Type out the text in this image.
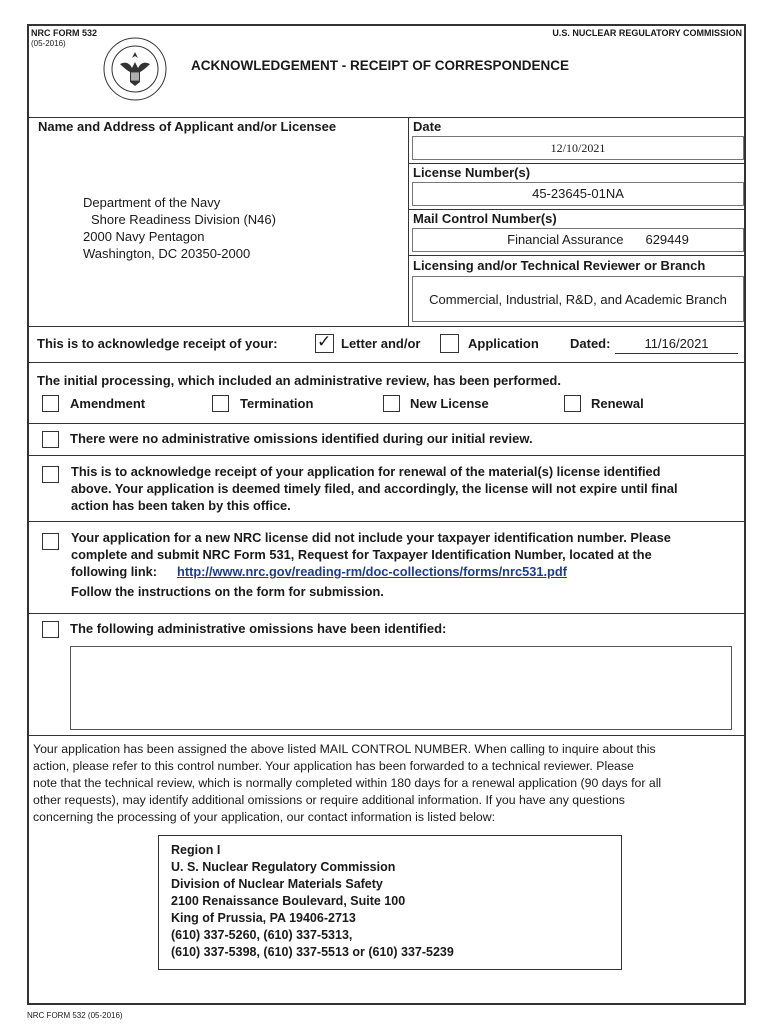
NRC FORM 532
(05-2016)
U.S. NUCLEAR REGULATORY COMMISSION
ACKNOWLEDGEMENT - RECEIPT OF CORRESPONDENCE
Name and Address of Applicant and/or Licensee
Department of the Navy
Shore Readiness Division (N46)
2000 Navy Pentagon
Washington, DC 20350-2000
Date
12/10/2021
License Number(s)
45-23645-01NA
Mail Control Number(s)
Financial Assurance 629449
Licensing and/or Technical Reviewer or Branch
Commercial, Industrial, R&D, and Academic Branch
This is to acknowledge receipt of your: ✓ Letter and/or	Application Dated:	11/16/2021
The initial processing, which included an administrative review, has been performed.
Amendment	Termination	New License	Renewal
There were no administrative omissions identified during our initial review.
This is to acknowledge receipt of your application for renewal of the material(s) license identified
above. Your application is deemed timely filed, and accordingly, the license will not expire until final
action has been taken by this office.
Your application for a new NRC license did not include your taxpayer identification number. Please
complete and submit NRC Form 531, Request for Taxpayer Identification Number, located at the
following link: http://www.nrc.gov/reading-rm/doc-collections/forms/nrc531.pdf
Follow the instructions on the form for submission.
The following administrative omissions have been identified:
Your application has been assigned the above listed MAIL CONTROL NUMBER. When calling to inquire about this
action, please refer to this control number. Your application has been forwarded to a technical reviewer. Please
note that the technical review, which is normally completed within 180 days for a renewal application (90 days for all
other requests), may identify additional omissions or require additional information. If you have any questions
concerning the processing of your application, our contact information is listed below:
Region I
U. S. Nuclear Regulatory Commission
Division of Nuclear Materials Safety
2100 Renaissance Boulevard, Suite 100
King of Prussia, PA 19406-2713
(610) 337-5260, (610) 337-5313,
(610) 337-5398, (610) 337-5513 or (610) 337-5239
NRC FORM 532 (05-2016)
